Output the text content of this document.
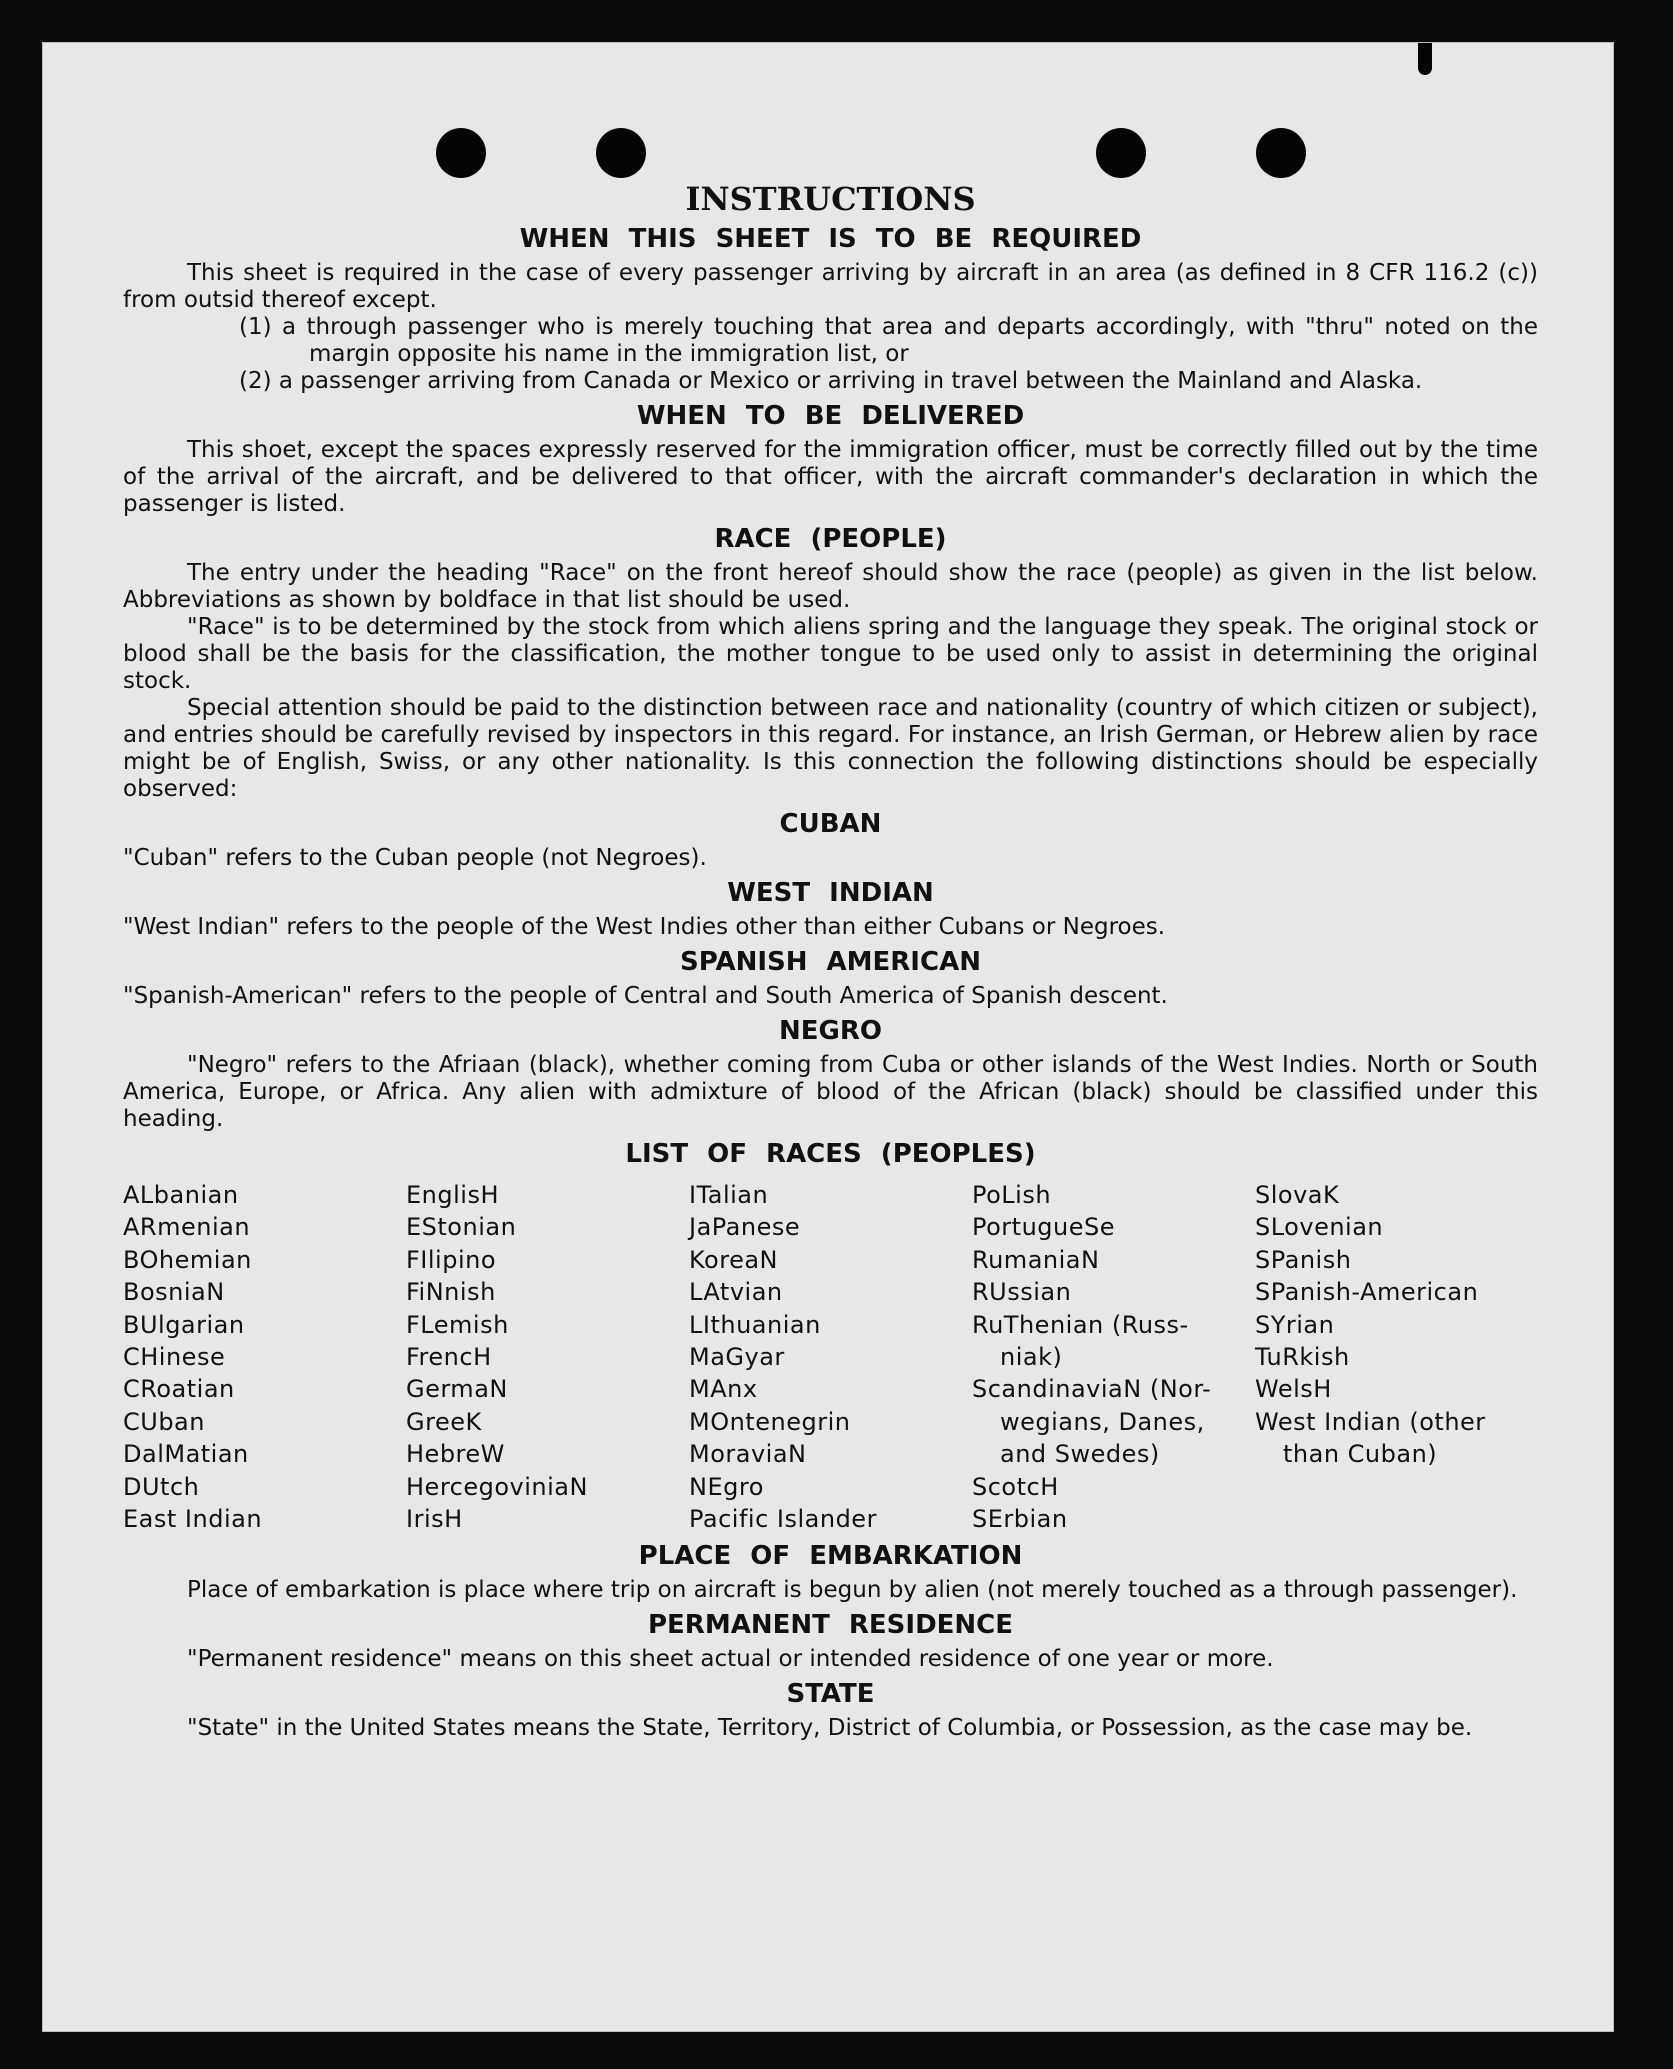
INSTRUCTIONS
WHEN THIS SHEET IS TO BE REQUIRED

This sheet is required in the case of every passenger arriving by aircraft in an area (as defined in 8 CFR 116.2 (c)) from outsid thereof except.

(1) a through passenger who is merely touching that area and departs accordingly, with "thru" noted on the margin opposite his name in the immigration list, or

(2) a passenger arriving from Canada or Mexico or arriving in travel between the Mainland and Alaska.

WHEN TO BE DELIVERED

This shoet, except the spaces expressly reserved for the immigration officer, must be correctly filled out by the time of the arrival of the aircraft, and be delivered to that officer, with the aircraft commander's declaration in which the passenger is listed.

RACE (PEOPLE)

The entry under the heading "Race" on the front hereof should show the race (people) as given in the list below. Abbreviations as shown by boldface in that list should be used.

"Race" is to be determined by the stock from which aliens spring and the language they speak. The original stock or blood shall be the basis for the classification, the mother tongue to be used only to assist in determining the original stock.

Special attention should be paid to the distinction between race and nationality (country of which citizen or subject), and entries should be carefully revised by inspectors in this regard. For instance, an Irish German, or Hebrew alien by race might be of English, Swiss, or any other nationality. Is this connection the following distinctions should be especially observed:

CUBAN

"Cuban" refers to the Cuban people (not Negroes).

WEST INDIAN

"West Indian" refers to the people of the West Indies other than either Cubans or Negroes.

SPANISH AMERICAN

"Spanish-American" refers to the people of Central and South America of Spanish descent.

NEGRO

"Negro" refers to the Afriaan (black), whether coming from Cuba or other islands of the West Indies. North or South America, Europe, or Africa. Any alien with admixture of blood of the African (black) should be classified under this heading.

LIST OF RACES (PEOPLES)
ALbanian
ARmenian
BOhemian
BosniaN
BUlgarian
CHinese
CRoatian
CUban
DalMatian
DUtch
East Indian
EnglisH
EStonian
FIlipino
FiNnish
FLemish
FrencH
GermaN
GreeK
HebreW
HercegoviniaN
IrisH
ITalian
JaPanese
KoreaN
LAtvian
LIthuanian
MaGyar
MAnx
MOntenegrin
MoraviaN
NEgro
Pacific Islander
PoLish
PortugueSe
RumaniaN
RUssian
RuThenian (Russ-
niak)
ScandinaviaN (Nor-
wegians, Danes,
and Swedes)
ScotcH
SErbian
SlovaK
SLovenian
SPanish
SPanish-American
SYrian
TuRkish
WelsH
West Indian (other
than Cuban)
PLACE OF EMBARKATION

Place of embarkation is place where trip on aircraft is begun by alien (not merely touched as a through passenger).

PERMANENT RESIDENCE

"Permanent residence" means on this sheet actual or intended residence of one year or more.

STATE

"State" in the United States means the State, Territory, District of Columbia, or Possession, as the case may be.
